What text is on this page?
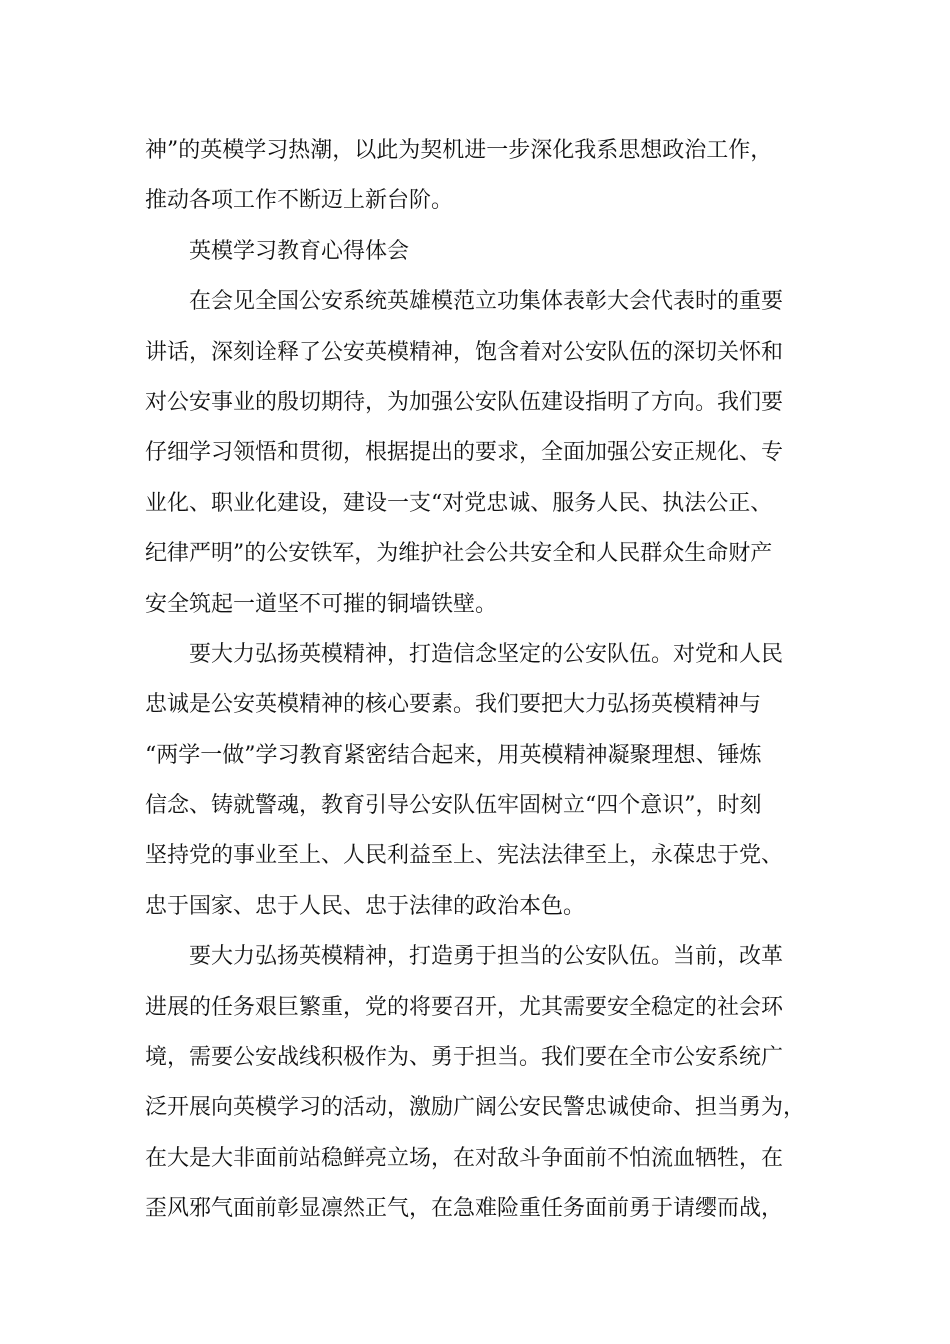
神”的英模学习热潮，以此为契机进一步深化我系思想政治工作，
推动各项工作不断迈上新台阶。
英模学习教育心得体会
在会见全国公安系统英雄模范立功集体表彰大会代表时的重要
讲话，深刻诠释了公安英模精神，饱含着对公安队伍的深切关怀和
对公安事业的殷切期待，为加强公安队伍建设指明了方向。我们要
仔细学习领悟和贯彻，根据提出的要求，全面加强公安正规化、专
业化、职业化建设，建设一支“对党忠诚、服务人民、执法公正、
纪律严明”的公安铁军，为维护社会公共安全和人民群众生命财产
安全筑起一道坚不可摧的铜墙铁壁。
要大力弘扬英模精神，打造信念坚定的公安队伍。对党和人民
忠诚是公安英模精神的核心要素。我们要把大力弘扬英模精神与
“两学一做”学习教育紧密结合起来，用英模精神凝聚理想、锤炼
信念、铸就警魂，教育引导公安队伍牢固树立“四个意识”，时刻
坚持党的事业至上、人民利益至上、宪法法律至上，永葆忠于党、
忠于国家、忠于人民、忠于法律的政治本色。
要大力弘扬英模精神，打造勇于担当的公安队伍。当前，改革
进展的任务艰巨繁重，党的将要召开，尤其需要安全稳定的社会环
境，需要公安战线积极作为、勇于担当。我们要在全市公安系统广
泛开展向英模学习的活动，激励广阔公安民警忠诚使命、担当勇为，
在大是大非面前站稳鲜亮立场，在对敌斗争面前不怕流血牺牲，在
歪风邪气面前彰显凛然正气，在急难险重任务面前勇于请缨而战，
